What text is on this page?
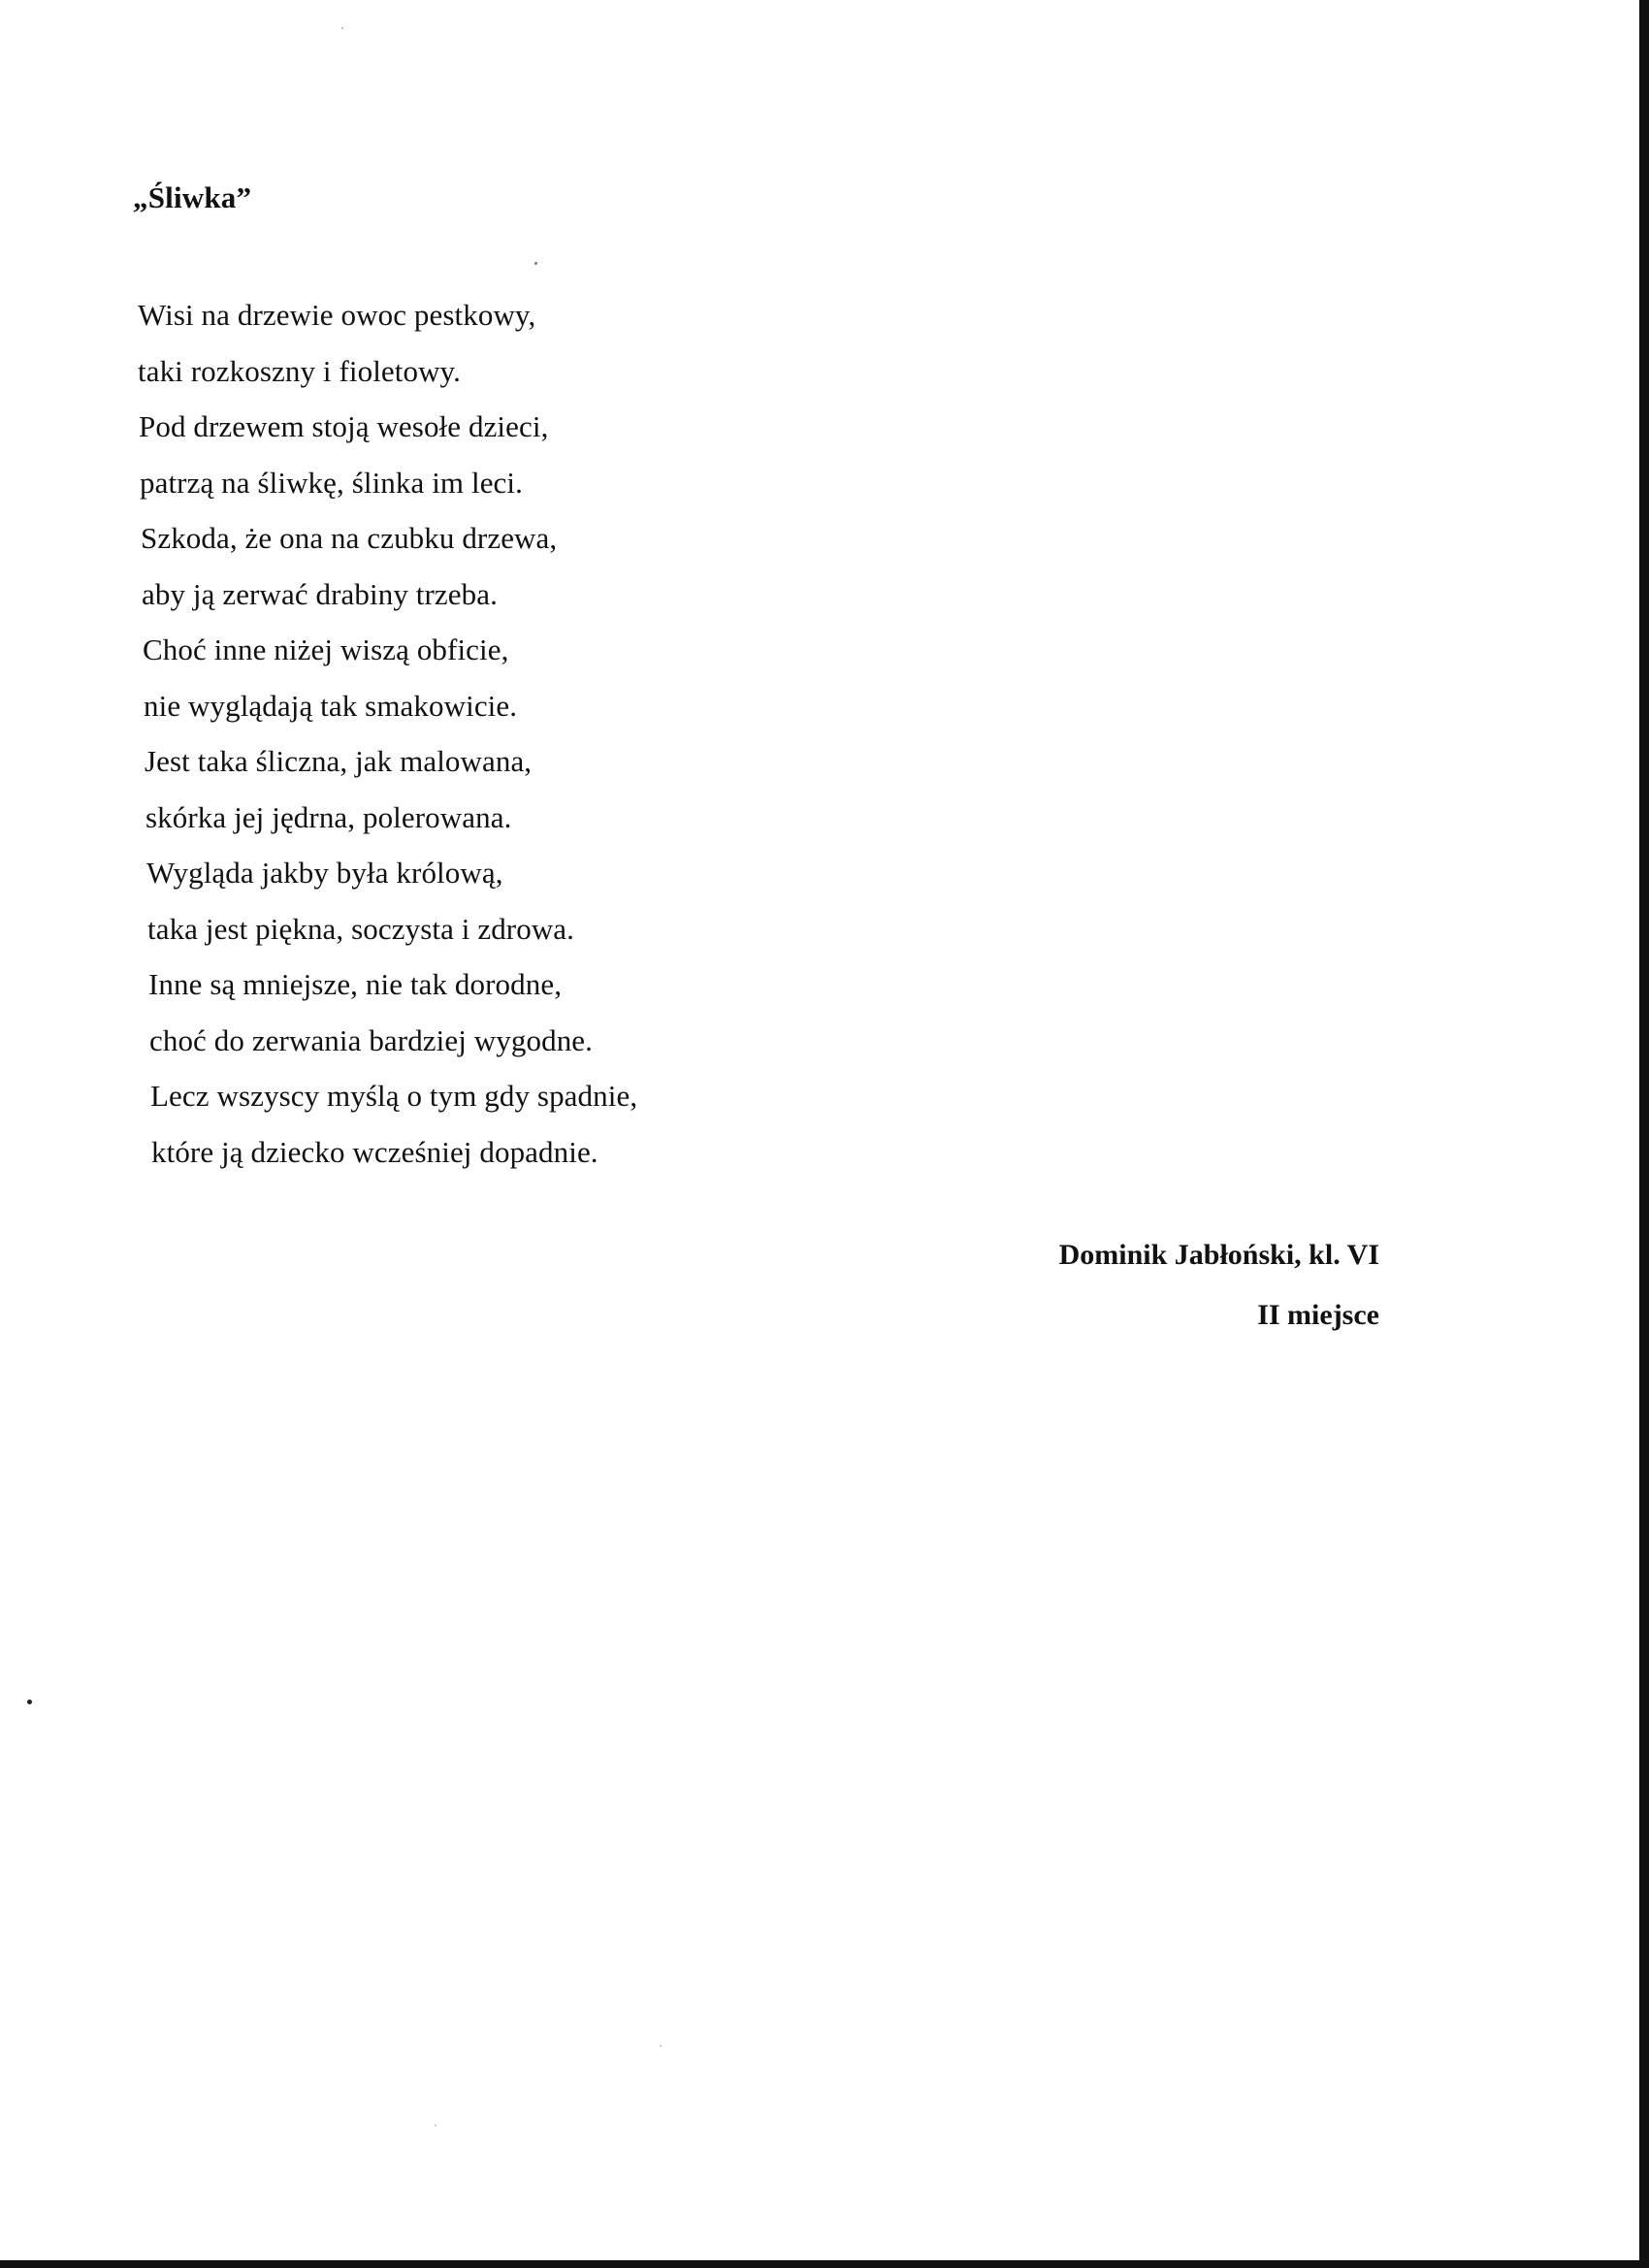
„Śliwka”
Wisi na drzewie owoc pestkowy,
taki rozkoszny i fioletowy.
Pod drzewem stoją wesołe dzieci,
patrzą na śliwkę, ślinka im leci.
Szkoda, że ona na czubku drzewa,
aby ją zerwać drabiny trzeba.
Choć inne niżej wiszą obficie,
nie wyglądają tak smakowicie.
Jest taka śliczna, jak malowana,
skórka jej jędrna, polerowana.
Wygląda jakby była królową,
taka jest piękna, soczysta i zdrowa.
Inne są mniejsze, nie tak dorodne,
choć do zerwania bardziej wygodne.
Lecz wszyscy myślą o tym gdy spadnie,
które ją dziecko wcześniej dopadnie.
Dominik Jabłoński, kl. VI
II miejsce
